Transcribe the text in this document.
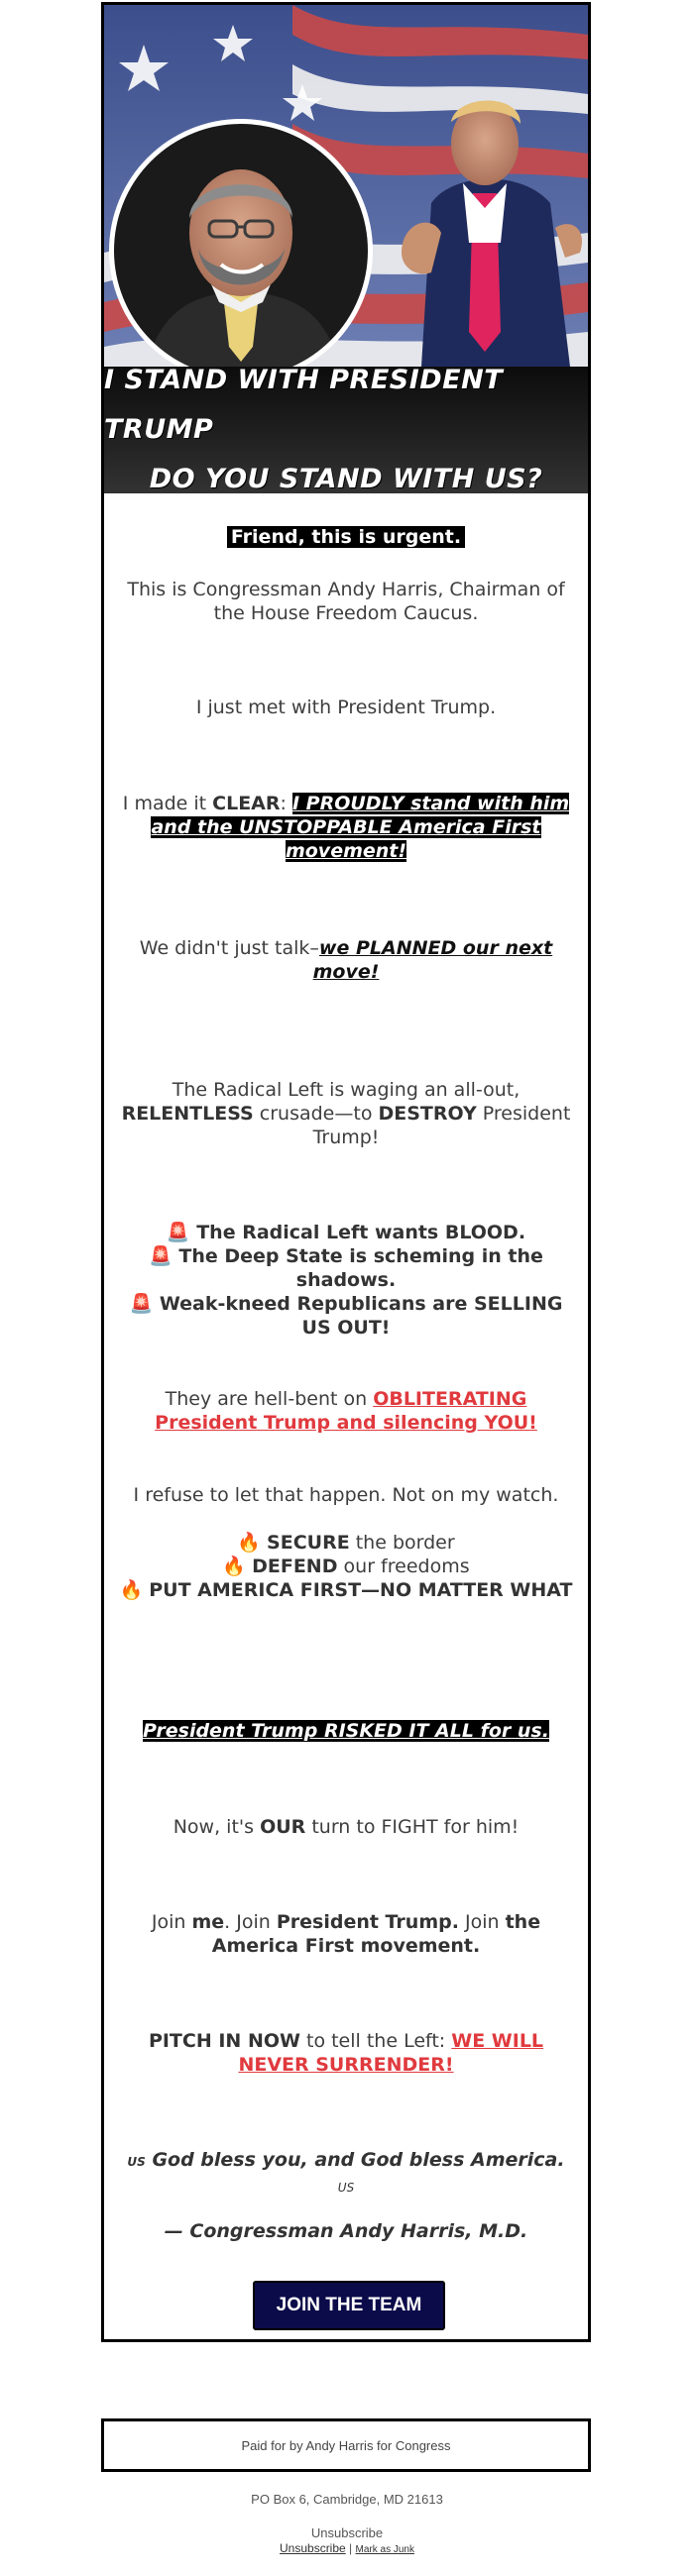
I STAND WITH PRESIDENT TRUMP
DO YOU STAND WITH US?
Friend, this is urgent.
This is Congressman Andy Harris, Chairman of the House Freedom Caucus.
I just met with President Trump.
I made it CLEAR: I PROUDLY stand with him and the UNSTOPPABLE America First movement!
We didn't just talk–we PLANNED our next move!
The Radical Left is waging an all-out, RELENTLESS crusade—to DESTROY President Trump!
🚨 The Radical Left wants BLOOD.
🚨 The Deep State is scheming in the shadows.
🚨 Weak-kneed Republicans are SELLING US OUT!
They are hell-bent on OBLITERATING President Trump and silencing YOU!
I refuse to let that happen. Not on my watch.
🔥 SECURE the border
🔥 DEFEND our freedoms
🔥 PUT AMERICA FIRST—NO MATTER WHAT
President Trump RISKED IT ALL for us.
Now, it's OUR turn to FIGHT for him!
Join me. Join President Trump. Join the America First movement.
PITCH IN NOW to tell the Left: WE WILL NEVER SURRENDER!
US God bless you, and God bless America.
US
— Congressman Andy Harris, M.D.
JOIN THE TEAM
Paid for by Andy Harris for Congress
PO Box 6, Cambridge, MD 21613
Unsubscribe
Unsubscribe | Mark as Junk
